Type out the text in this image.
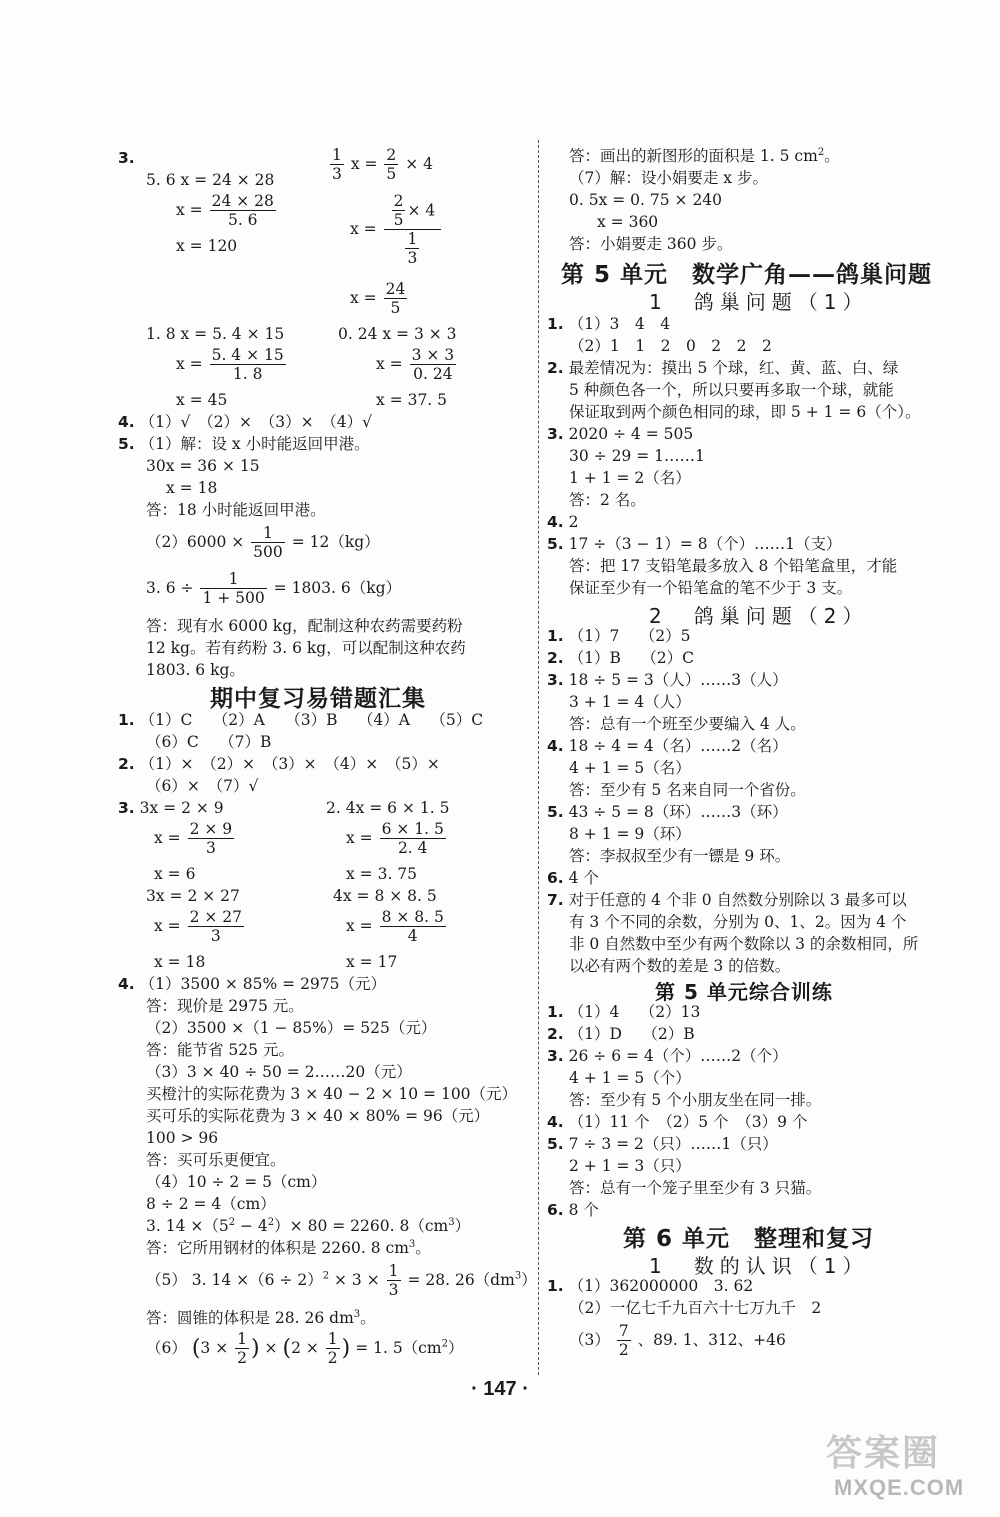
3.
5. 6 x = 24 × 28
$x = \frac{24 \times 28}{5. 6}$
x = 120
$\frac{1}{3}$ $x = \frac{2}{5} \times 4$
$x = \frac{\frac{2}{5} \times 4}{\frac{1}{3}}$
$x = \frac{24}{5}$
1. 8 x = 5. 4 × 15
$x = \frac{5. 4 \times 15}{1. 8}$
x = 45
0. 24 x = 3 × 3
$x = \frac{3 \times 3}{0. 24}$
x = 37. 5
4. （1）√　（2）×　（3）×　（4）√
5. （1）解：设 x 小时能返回甲港。
30x = 36 × 15
x = 18
答：18 小时能返回甲港。
$(2)6000 \times \frac{1}{500} = 12(kg)$
3. $6 \div \frac{1}{1 + 500} = 1803$. 6（kg）
答：现有水 6000 kg，配制这种农药需要药粉
12 kg。若有药粉 3. 6 kg，可以配制这种农药
1803. 6 kg。
期中复习易错题汇集
1. （1）C　 （2）A　 （3）B　 （4）A　 （5）C
（6）C　 （7）B
2. （1）×　（2）×　（3）×　（4）×　（5）×
（6）×　（7）√
3. 3x = 2 × 9
$x = \frac{2 \times 9}{3}$
x = 6
2. 4x = 6 × 1. 5
$x = \frac{6 \times 1. 5}{2. 4}$
x = 3. 75
3x = 2 × 27
$x = \frac{2 \times 27}{3}$
x = 18
4x = 8 × 8. 5
$x = \frac{8 \times 8. 5}{4}$
x = 17
4. （1）3500 × 85% = 2975（元）
答：现价是 2975 元。
（2）3500 ×（1 − 85%）= 525（元）
答：能节省 525 元。
（3）3 × 40 ÷ 50 = 2……20（元）
买橙汁的实际花费为 3 × 40 − 2 × 10 = 100（元）
买可乐的实际花费为 3 × 40 × 80% = 96（元）
100 > 96
答：买可乐更便宜。
（4）10 ÷ 2 = 5（cm）
8 ÷ 2 = 4（cm）
3. $14 \times(5^2 - 4^2)\times 80 = 2260$. $8(cm^3)$
答：它所用钢材的体积是 2260. 8 $cm^3$。
（5） 3. $14 \times(6 \div 2)^2 \times 3 \times \frac{1}{3} = 28$. $26(dm^3)$
答：圆锥的体积是 28. 26 $dm^3$。
（6） ($3 \times \frac{1}{2}$ ) × ($2 \times \frac{1}{2}$ ) = 1. $5(cm^2)$
答：画出的新图形的面积是 1. 5 $cm^2$。
（7）解：设小娟要走 x 步。
0. 5x = 0. 75 × 240
x = 360
答：小娟要走 360 步。
第 5 单元　数学广角——鸽巢问题
1　鸽巢问题（1）
1. （1）3　4　4
（2）1　1　2　0　2　2　2
2. 最差情况为：摸出 5 个球，红、黄、蓝、白、绿
5 种颜色各一个，所以只要再多取一个球，就能
保证取到两个颜色相同的球，即 5 + 1 = 6（个）。
3. 2020 ÷ 4 = 505
30 ÷ 29 = 1……1
1 + 1 = 2（名）
答：2 名。
4. 2
5. 17 ÷（3 − 1）= 8（个）……1（支）
答：把 17 支铅笔最多放入 8 个铅笔盒里，才能
保证至少有一个铅笔盒的笔不少于 3 支。
2　鸽巢问题（2）
1. （1）7　 （2）5
2. （1）B　 （2）C
3. 18 ÷ 5 = 3（人）……3（人）
3 + 1 = 4（人）
答：总有一个班至少要编入 4 人。
4. 18 ÷ 4 = 4（名）……2（名）
4 + 1 = 5（名）
答：至少有 5 名来自同一个省份。
5. 43 ÷ 5 = 8（环）……3（环）
8 + 1 = 9（环）
答：李叔叔至少有一镖是 9 环。
6. 4 个
7. 对于任意的 4 个非 0 自然数分别除以 3 最多可以
有 3 个不同的余数，分别为 0、1、2。因为 4 个
非 0 自然数中至少有两个数除以 3 的余数相同，所
以必有两个数的差是 3 的倍数。
第 5 单元综合训练
1. （1）4　 （2）13
2. （1）D　 （2）B
3. 26 ÷ 6 = 4（个）……2（个）
4 + 1 = 5（个）
答：至少有 5 个小朋友坐在同一排。
4. （1）11 个　（2）5 个　（3）9 个
5. 7 ÷ 3 = 2（只）……1（只）
2 + 1 = 3（只）
答：总有一个笼子里至少有 3 只猫。
6. 8 个
第 6 单元　整理和复习
1　数的认识（1）
1. （1）362000000　3. 62
（2）一亿七千九百六十七万九千　2
$(3) \frac{7}{2}$ 、89. 1、312、+46
· 147 ·
答案圈
MXQE.COM
